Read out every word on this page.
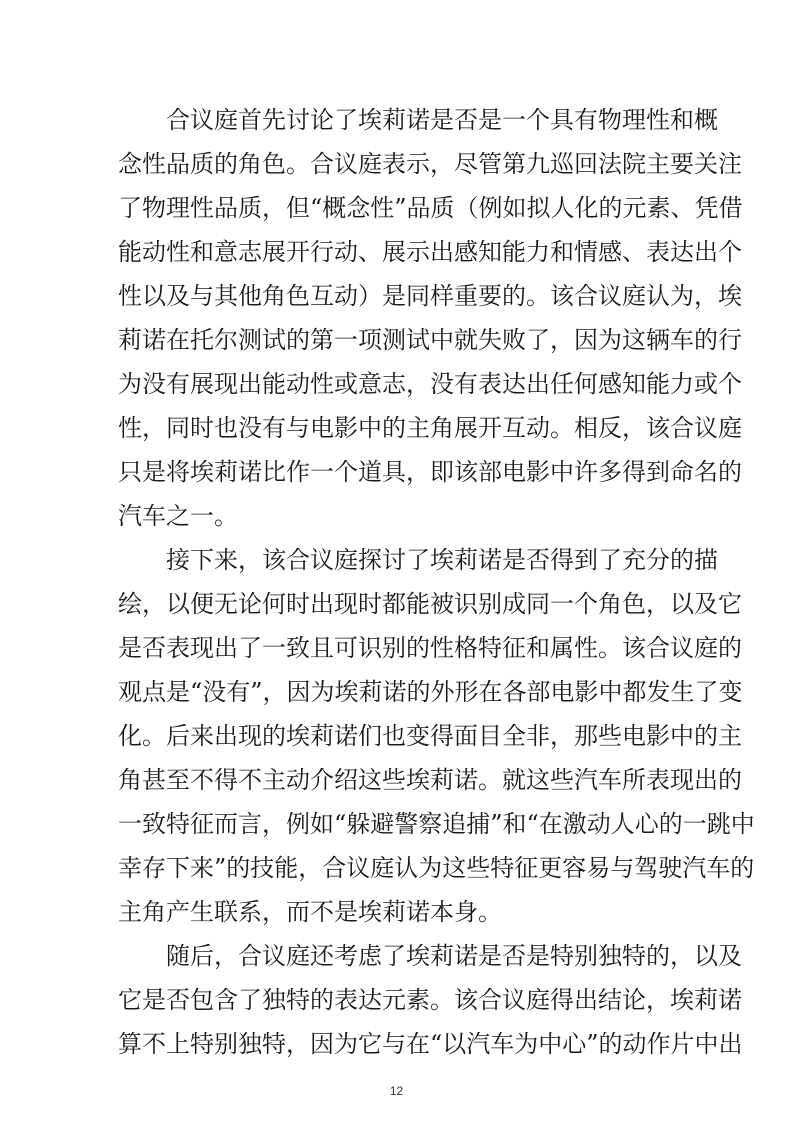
　　合议庭首先讨论了埃莉诺是否是一个具有物理性和概
念性品质的角色。合议庭表示，尽管第九巡回法院主要关注
了物理性品质，但“概念性”品质（例如拟人化的元素、凭借
能动性和意志展开行动、展示出感知能力和情感、表达出个
性以及与其他角色互动）是同样重要的。该合议庭认为，埃
莉诺在托尔测试的第一项测试中就失败了，因为这辆车的行
为没有展现出能动性或意志，没有表达出任何感知能力或个
性，同时也没有与电影中的主角展开互动。相反，该合议庭
只是将埃莉诺比作一个道具，即该部电影中许多得到命名的
汽车之一。
　　接下来，该合议庭探讨了埃莉诺是否得到了充分的描
绘，以便无论何时出现时都能被识别成同一个角色，以及它
是否表现出了一致且可识别的性格特征和属性。该合议庭的
观点是“没有”，因为埃莉诺的外形在各部电影中都发生了变
化。后来出现的埃莉诺们也变得面目全非，那些电影中的主
角甚至不得不主动介绍这些埃莉诺。就这些汽车所表现出的
一致特征而言，例如“躲避警察追捕”和“在激动人心的一跳中
幸存下来”的技能，合议庭认为这些特征更容易与驾驶汽车的
主角产生联系，而不是埃莉诺本身。
　　随后，合议庭还考虑了埃莉诺是否是特别独特的，以及
它是否包含了独特的表达元素。该合议庭得出结论，埃莉诺
算不上特别独特，因为它与在“以汽车为中心”的动作片中出
12
